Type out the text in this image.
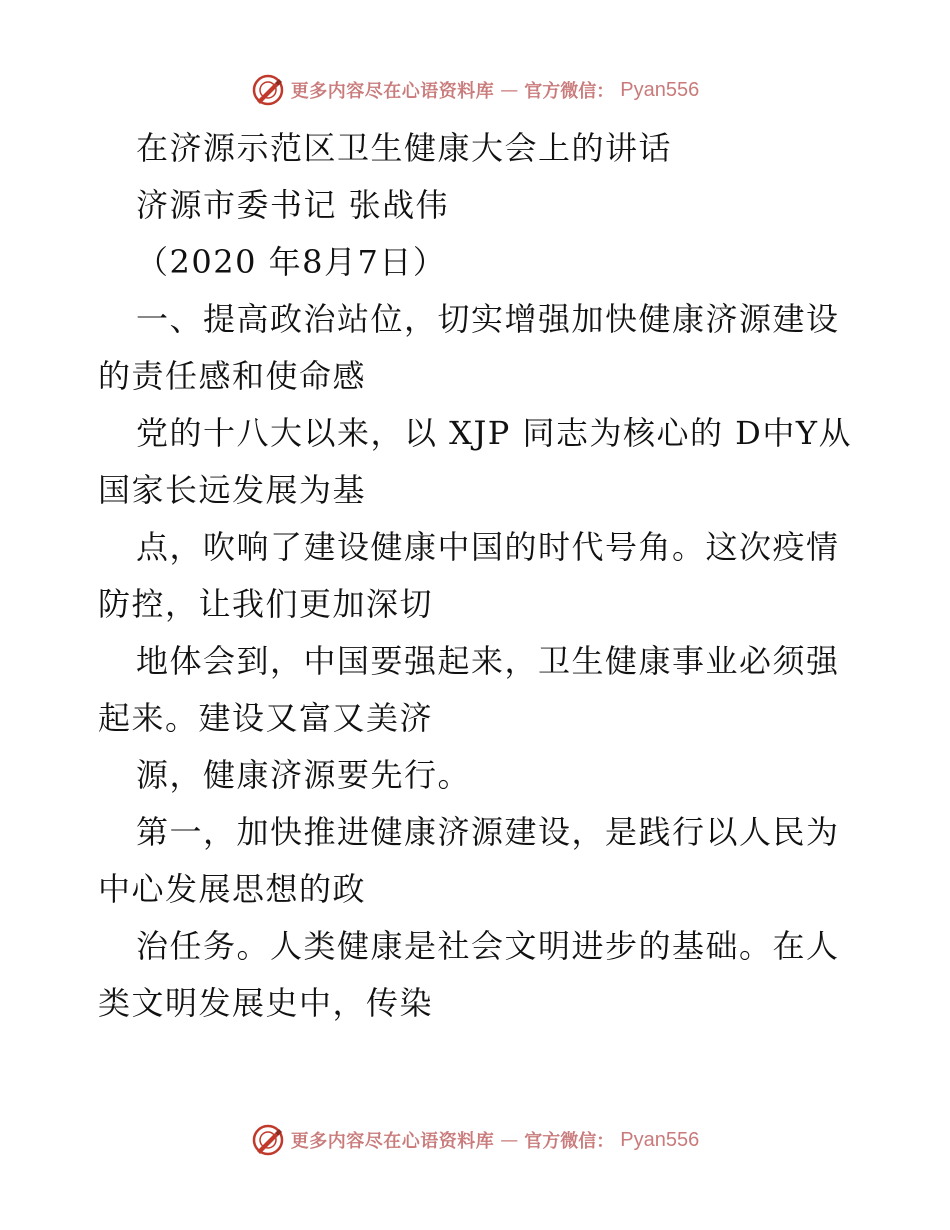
更多内容尽在心语资料库 — 官方微信： Pyan556

在济源示范区卫生健康大会上的讲话

济源市委书记 张战伟

（2020 年8月7日）

一、提高政治站位，切实增强加快健康济源建设的责任感和使命感

党的十八大以来，以 XJP 同志为核心的 D中Y从国家长远发展为基

点，吹响了建设健康中国的时代号角。这次疫情防控，让我们更加深切

地体会到，中国要强起来，卫生健康事业必须强起来。建设又富又美济

源，健康济源要先行。

第一，加快推进健康济源建设，是践行以人民为中心发展思想的政

治任务。人类健康是社会文明进步的基础。在人类文明发展史中，传染

更多内容尽在心语资料库 — 官方微信： Pyan556
